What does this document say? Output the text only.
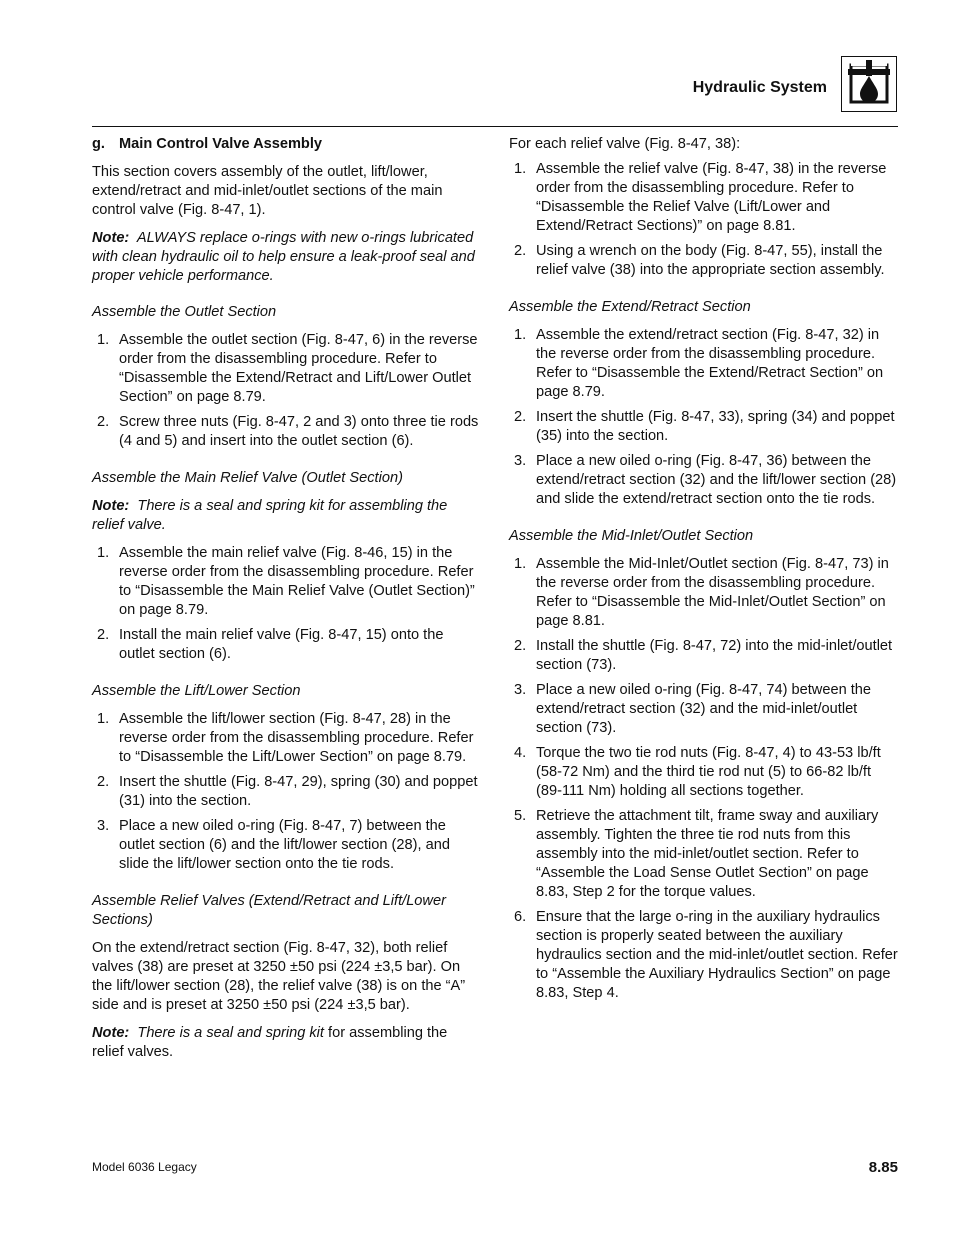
Hydraulic System
g. Main Control Valve Assembly

This section covers assembly of the outlet, lift/lower, extend/retract and mid-inlet/outlet sections of the main control valve (Fig. 8-47, 1).

Note: ALWAYS replace o-rings with new o-rings lubricated with clean hydraulic oil to help ensure a leak-proof seal and proper vehicle performance.

Assemble the Outlet Section
1. Assemble the outlet section (Fig. 8-47, 6) in the reverse order from the disassembling procedure. Refer to “Disassemble the Extend/Retract and Lift/Lower Outlet Section” on page 8.79.
2. Screw three nuts (Fig. 8-47, 2 and 3) onto three tie rods (4 and 5) and insert into the outlet section (6).
Assemble the Main Relief Valve (Outlet Section)

Note: There is a seal and spring kit for assembling the relief valve.

1. Assemble the main relief valve (Fig. 8-46, 15) in the reverse order from the disassembling procedure. Refer to “Disassemble the Main Relief Valve (Outlet Section)” on page 8.79.
2. Install the main relief valve (Fig. 8-47, 15) onto the outlet section (6).
Assemble the Lift/Lower Section
1. Assemble the lift/lower section (Fig. 8-47, 28) in the reverse order from the disassembling procedure. Refer to “Disassemble the Lift/Lower Section” on page 8.79.
2. Insert the shuttle (Fig. 8-47, 29), spring (30) and poppet (31) into the section.
3. Place a new oiled o-ring (Fig. 8-47, 7) between the outlet section (6) and the lift/lower section (28), and slide the lift/lower section onto the tie rods.
Assemble Relief Valves (Extend/Retract and Lift/Lower Sections)

On the extend/retract section (Fig. 8-47, 32), both relief valves (38) are preset at 3250 ±50 psi (224 ±3,5 bar). On the lift/lower section (28), the relief valve (38) is on the “A” side and is preset at 3250 ±50 psi (224 ±3,5 bar).

Note: There is a seal and spring kit for assembling the relief valves.

For each relief valve (Fig. 8-47, 38):

1. Assemble the relief valve (Fig. 8-47, 38) in the reverse order from the disassembling procedure. Refer to “Disassemble the Relief Valve (Lift/Lower and Extend/Retract Sections)” on page 8.81.
2. Using a wrench on the body (Fig. 8-47, 55), install the relief valve (38) into the appropriate section assembly.
Assemble the Extend/Retract Section
1. Assemble the extend/retract section (Fig. 8-47, 32) in the reverse order from the disassembling procedure. Refer to “Disassemble the Extend/Retract Section” on page 8.79.
2. Insert the shuttle (Fig. 8-47, 33), spring (34) and poppet (35) into the section.
3. Place a new oiled o-ring (Fig. 8-47, 36) between the extend/retract section (32) and the lift/lower section (28) and slide the extend/retract section onto the tie rods.
Assemble the Mid-Inlet/Outlet Section
1. Assemble the Mid-Inlet/Outlet section (Fig. 8-47, 73) in the reverse order from the disassembling procedure. Refer to “Disassemble the Mid-Inlet/Outlet Section” on page 8.81.
2. Install the shuttle (Fig. 8-47, 72) into the mid-inlet/outlet section (73).
3. Place a new oiled o-ring (Fig. 8-47, 74) between the extend/retract section (32) and the mid-inlet/outlet section (73).
4. Torque the two tie rod nuts (Fig. 8-47, 4) to 43-53 lb/ft (58-72 Nm) and the third tie rod nut (5) to 66-82 lb/ft (89-111 Nm) holding all sections together.
5. Retrieve the attachment tilt, frame sway and auxiliary assembly. Tighten the three tie rod nuts from this assembly into the mid-inlet/outlet section. Refer to “Assemble the Load Sense Outlet Section” on page 8.83, Step 2 for the torque values.
6. Ensure that the large o-ring in the auxiliary hydraulics section is properly seated between the auxiliary hydraulics section and the mid-inlet/outlet section. Refer to “Assemble the Auxiliary Hydraulics Section” on page 8.83, Step 4.
Model 6036 Legacy	8.85
